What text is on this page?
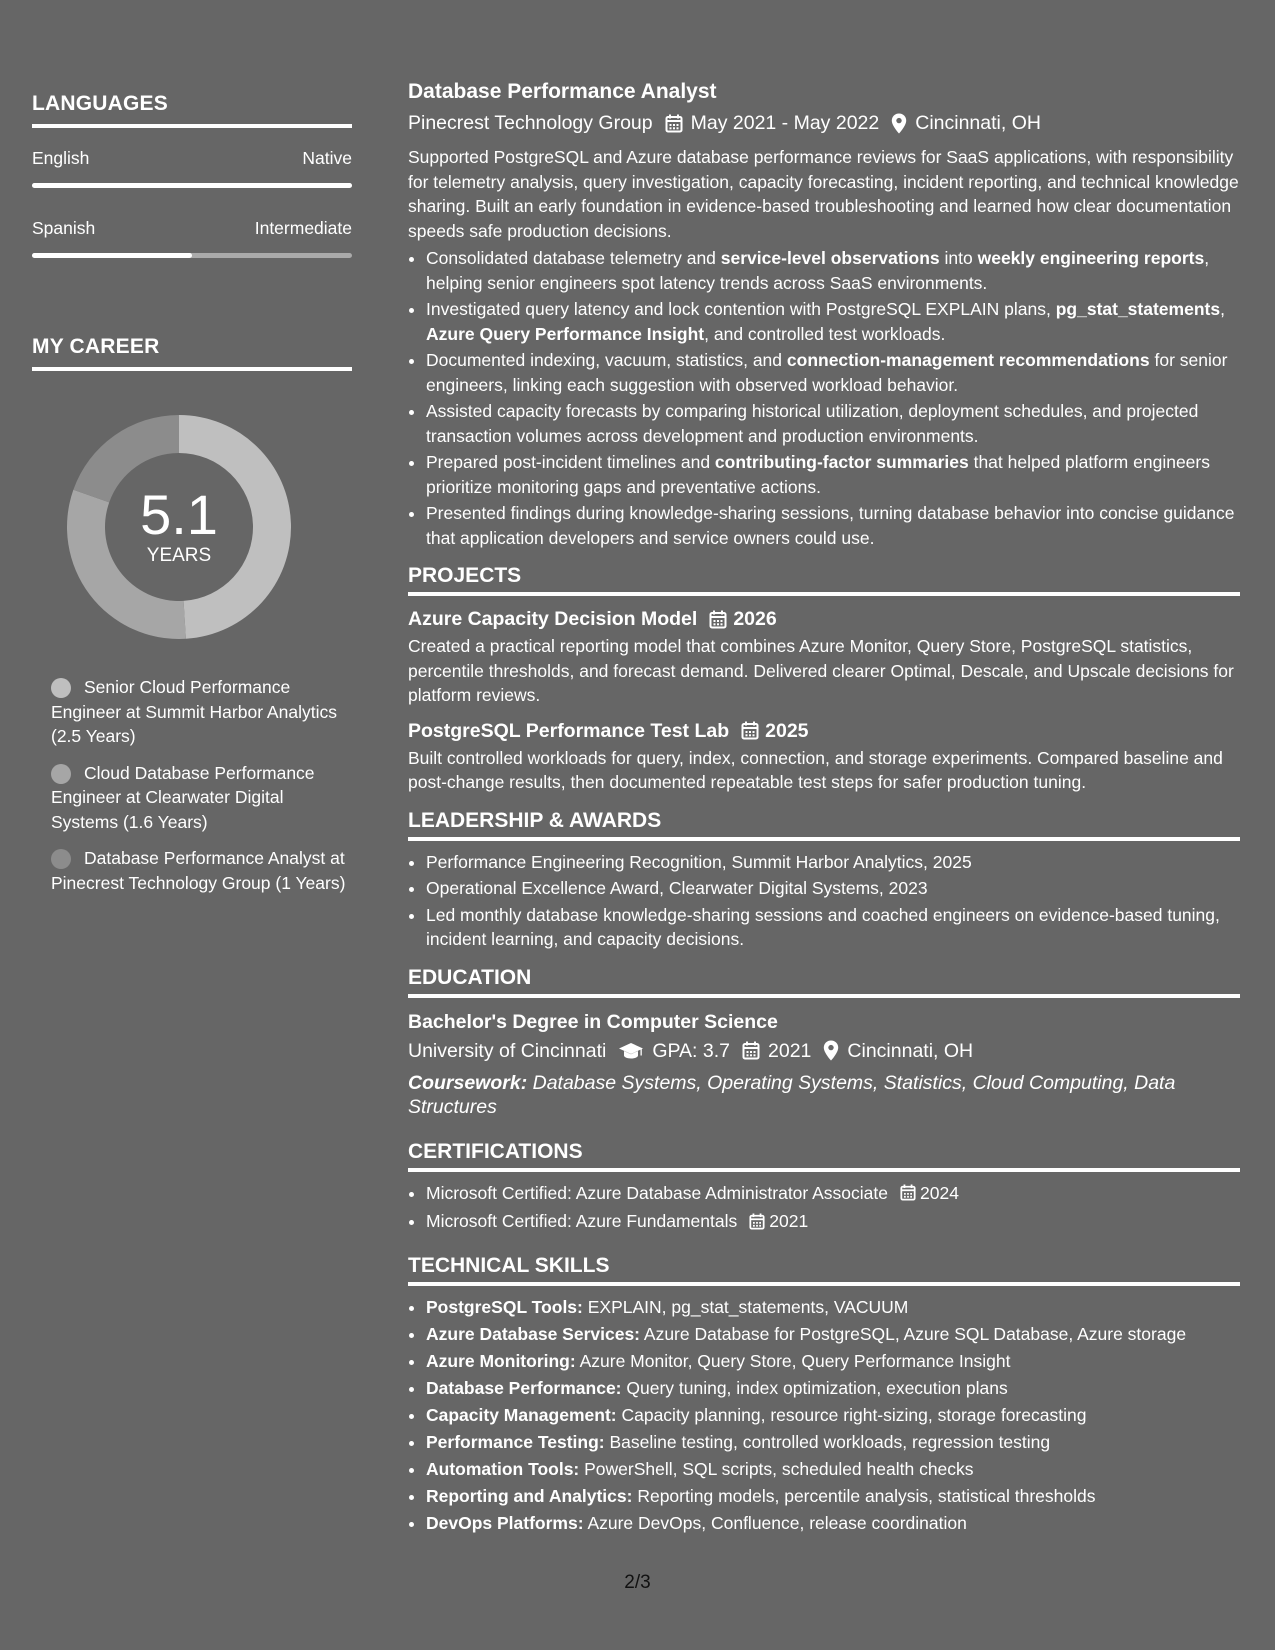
LANGUAGES
English	Native
Spanish	Intermediate
MY CAREER
5.1
YEARS
Senior Cloud Performance Engineer at Summit Harbor Analytics (2.5 Years)
Cloud Database Performance Engineer at Clearwater Digital Systems (1.6 Years)
Database Performance Analyst at Pinecrest Technology Group (1 Years)
Database Performance Analyst
Pinecrest Technology Group May 2021 - May 2022 Cincinnati, OH

Supported PostgreSQL and Azure database performance reviews for SaaS applications, with responsibility for telemetry analysis, query investigation, capacity forecasting, incident reporting, and technical knowledge sharing. Built an early foundation in evidence-based troubleshooting and learned how clear documentation speeds safe production decisions.

• Consolidated database telemetry and service-level observations into weekly engineering reports, helping senior engineers spot latency trends across SaaS environments.
• Investigated query latency and lock contention with PostgreSQL EXPLAIN plans, pg_stat_statements, Azure Query Performance Insight, and controlled test workloads.
• Documented indexing, vacuum, statistics, and connection-management recommendations for senior engineers, linking each suggestion with observed workload behavior.
• Assisted capacity forecasts by comparing historical utilization, deployment schedules, and projected transaction volumes across development and production environments.
• Prepared post-incident timelines and contributing-factor summaries that helped platform engineers prioritize monitoring gaps and preventative actions.
• Presented findings during knowledge-sharing sessions, turning database behavior into concise guidance that application developers and service owners could use.
PROJECTS
Azure Capacity Decision Model 2026

Created a practical reporting model that combines Azure Monitor, Query Store, PostgreSQL statistics, percentile thresholds, and forecast demand. Delivered clearer Optimal, Descale, and Upscale decisions for platform reviews.

PostgreSQL Performance Test Lab 2025

Built controlled workloads for query, index, connection, and storage experiments. Compared baseline and post-change results, then documented repeatable test steps for safer production tuning.

LEADERSHIP & AWARDS
• Performance Engineering Recognition, Summit Harbor Analytics, 2025
• Operational Excellence Award, Clearwater Digital Systems, 2023
• Led monthly database knowledge-sharing sessions and coached engineers on evidence-based tuning, incident learning, and capacity decisions.
EDUCATION
Bachelor's Degree in Computer Science
University of Cincinnati GPA: 3.7 2021 Cincinnati, OH
Coursework: Database Systems, Operating Systems, Statistics, Cloud Computing, Data Structures
CERTIFICATIONS
• Microsoft Certified: Azure Database Administrator Associate 2024
• Microsoft Certified: Azure Fundamentals 2021
TECHNICAL SKILLS
• PostgreSQL Tools: EXPLAIN, pg_stat_statements, VACUUM
• Azure Database Services: Azure Database for PostgreSQL, Azure SQL Database, Azure storage
• Azure Monitoring: Azure Monitor, Query Store, Query Performance Insight
• Database Performance: Query tuning, index optimization, execution plans
• Capacity Management: Capacity planning, resource right-sizing, storage forecasting
• Performance Testing: Baseline testing, controlled workloads, regression testing
• Automation Tools: PowerShell, SQL scripts, scheduled health checks
• Reporting and Analytics: Reporting models, percentile analysis, statistical thresholds
• DevOps Platforms: Azure DevOps, Confluence, release coordination
2/3
